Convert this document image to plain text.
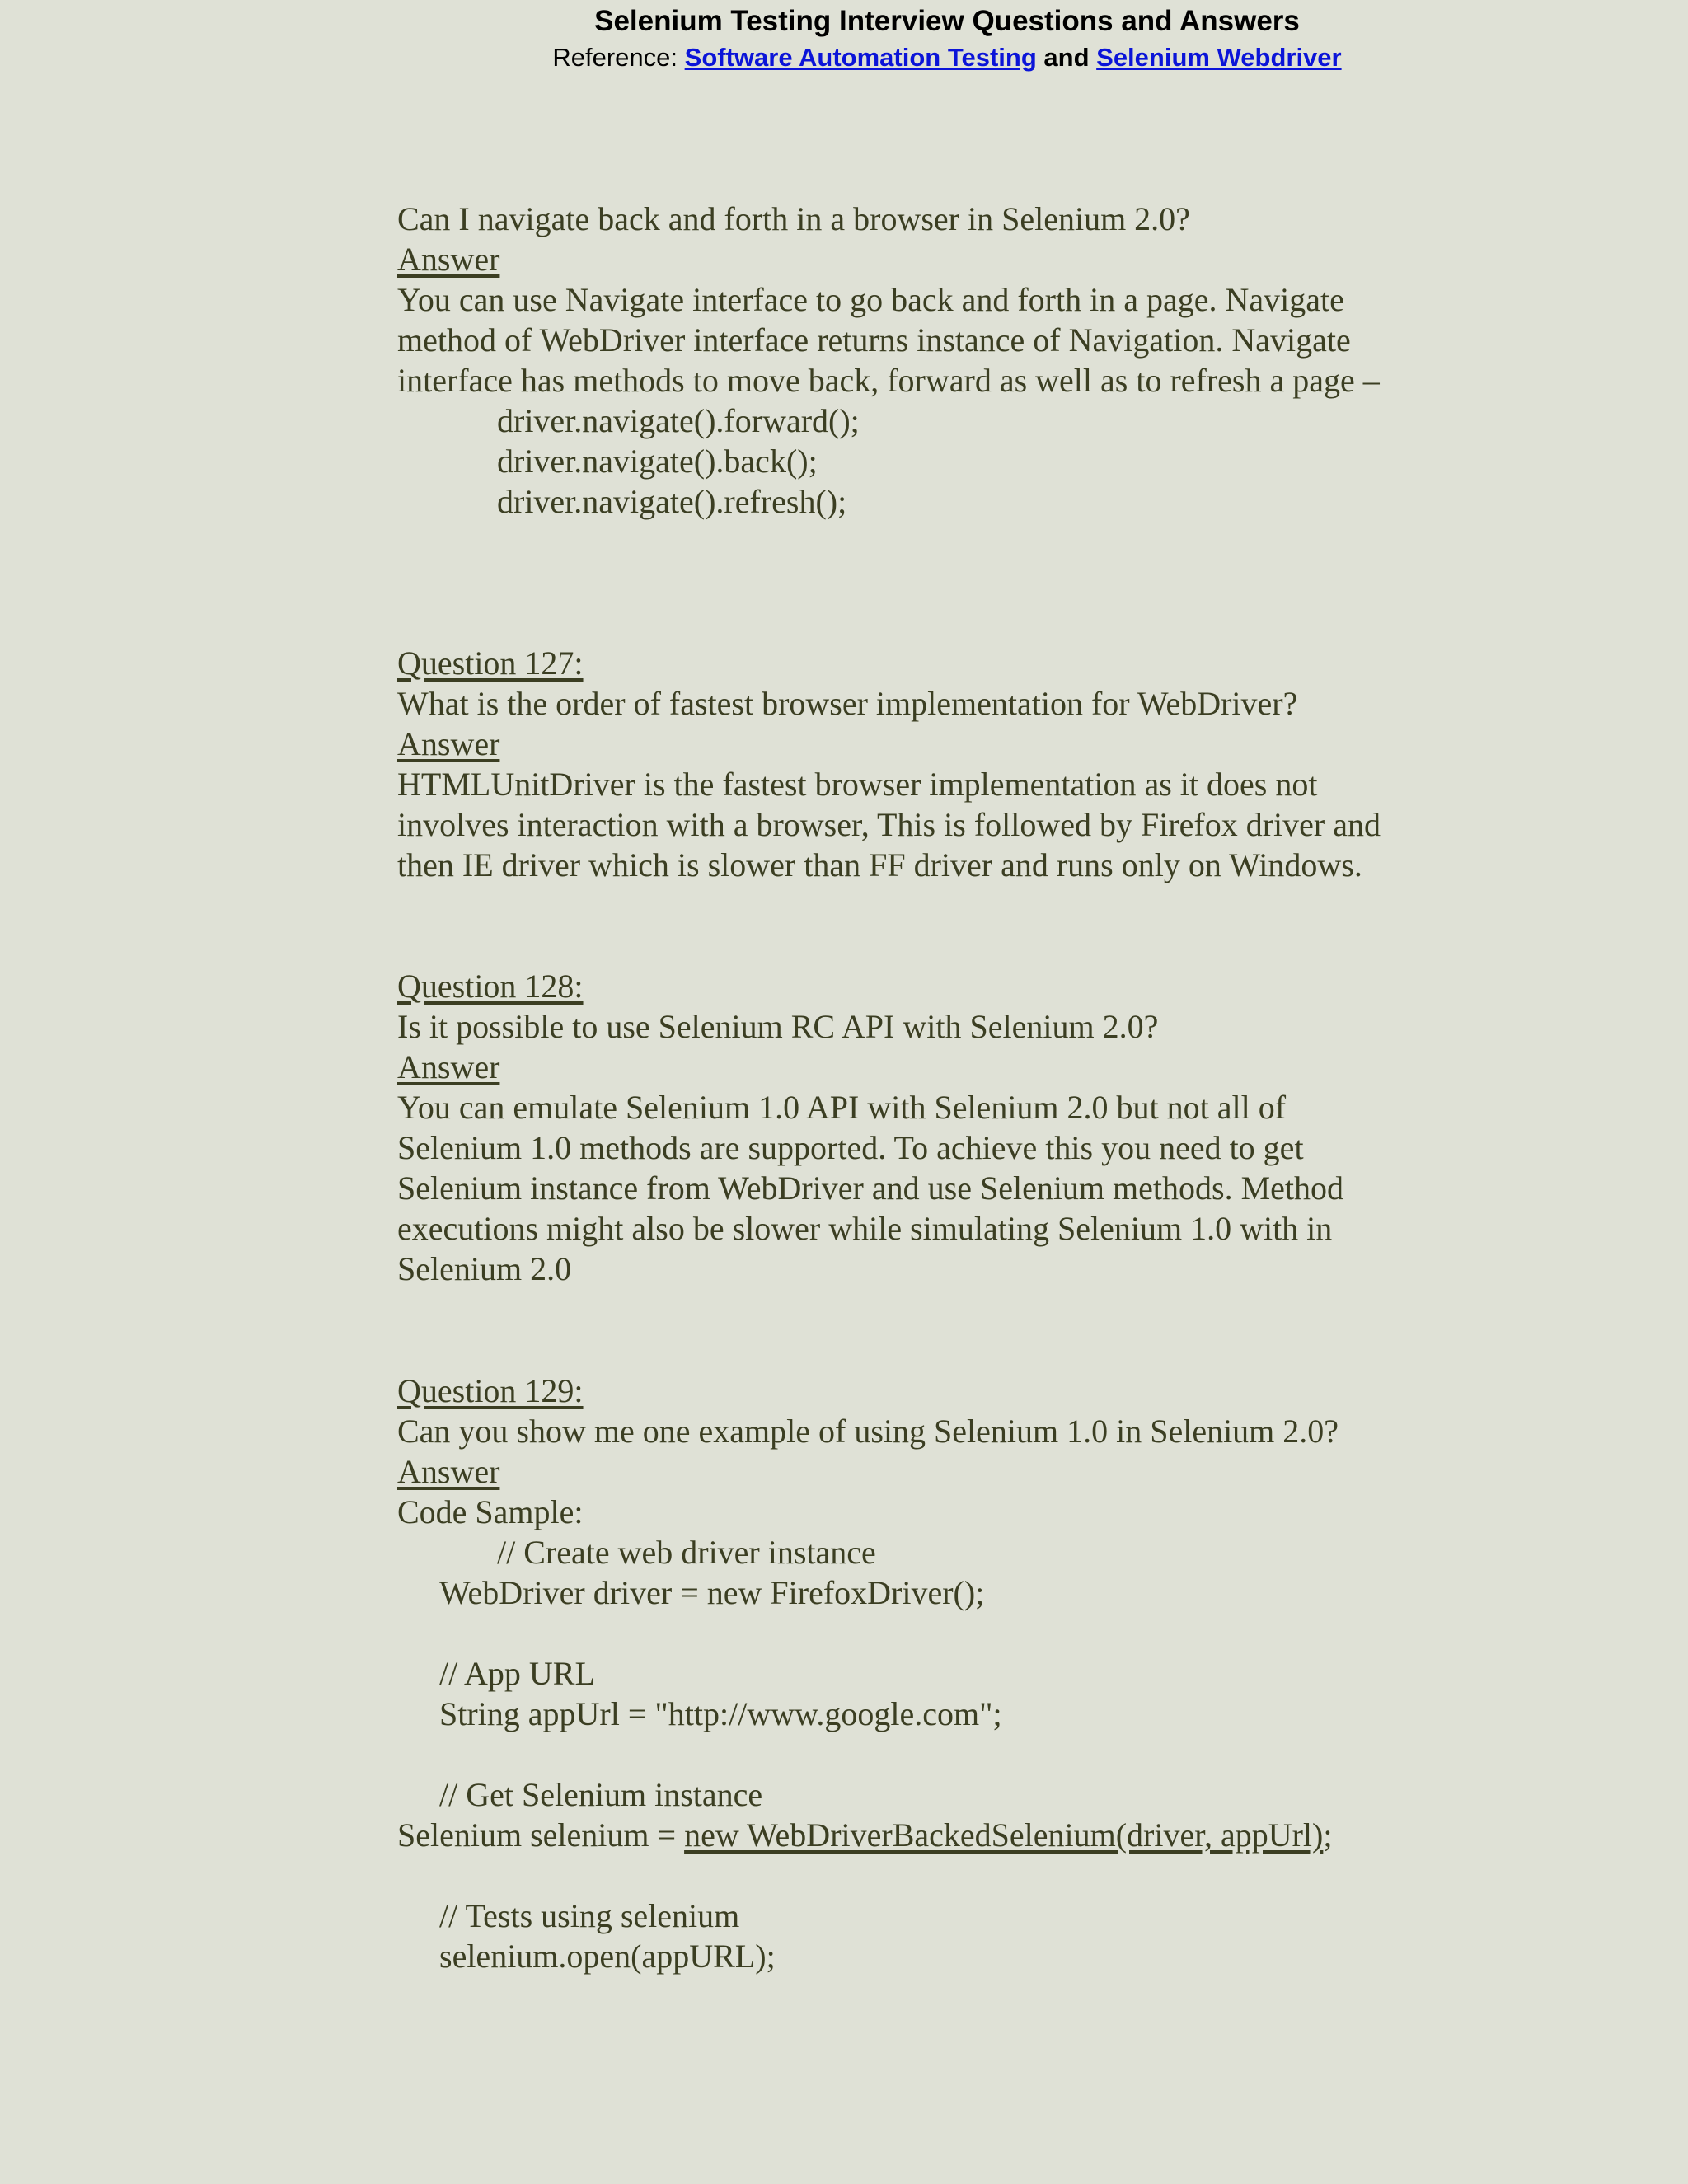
Selenium Testing Interview Questions and Answers
Reference: Software Automation Testing and Selenium Webdriver
Can I navigate back and forth in a browser in Selenium 2.0?
Answer
You can use Navigate interface to go back and forth in a page. Navigate
method of WebDriver interface returns instance of Navigation. Navigate
interface has methods to move back, forward as well as to refresh a page –
driver.navigate().forward();
driver.navigate().back();
driver.navigate().refresh();
Question 127:
What is the order of fastest browser implementation for WebDriver?
Answer
HTMLUnitDriver is the fastest browser implementation as it does not
involves interaction with a browser, This is followed by Firefox driver and
then IE driver which is slower than FF driver and runs only on Windows.
Question 128:
Is it possible to use Selenium RC API with Selenium 2.0?
Answer
You can emulate Selenium 1.0 API with Selenium 2.0 but not all of
Selenium 1.0 methods are supported. To achieve this you need to get
Selenium instance from WebDriver and use Selenium methods. Method
executions might also be slower while simulating Selenium 1.0 with in
Selenium 2.0
Question 129:
Can you show me one example of using Selenium 1.0 in Selenium 2.0?
Answer
Code Sample:
// Create web driver instance
WebDriver driver = new FirefoxDriver();
// App URL
String appUrl = "http://www.google.com";
// Get Selenium instance
Selenium selenium = new WebDriverBackedSelenium(driver, appUrl);
// Tests using selenium
selenium.open(appURL);
